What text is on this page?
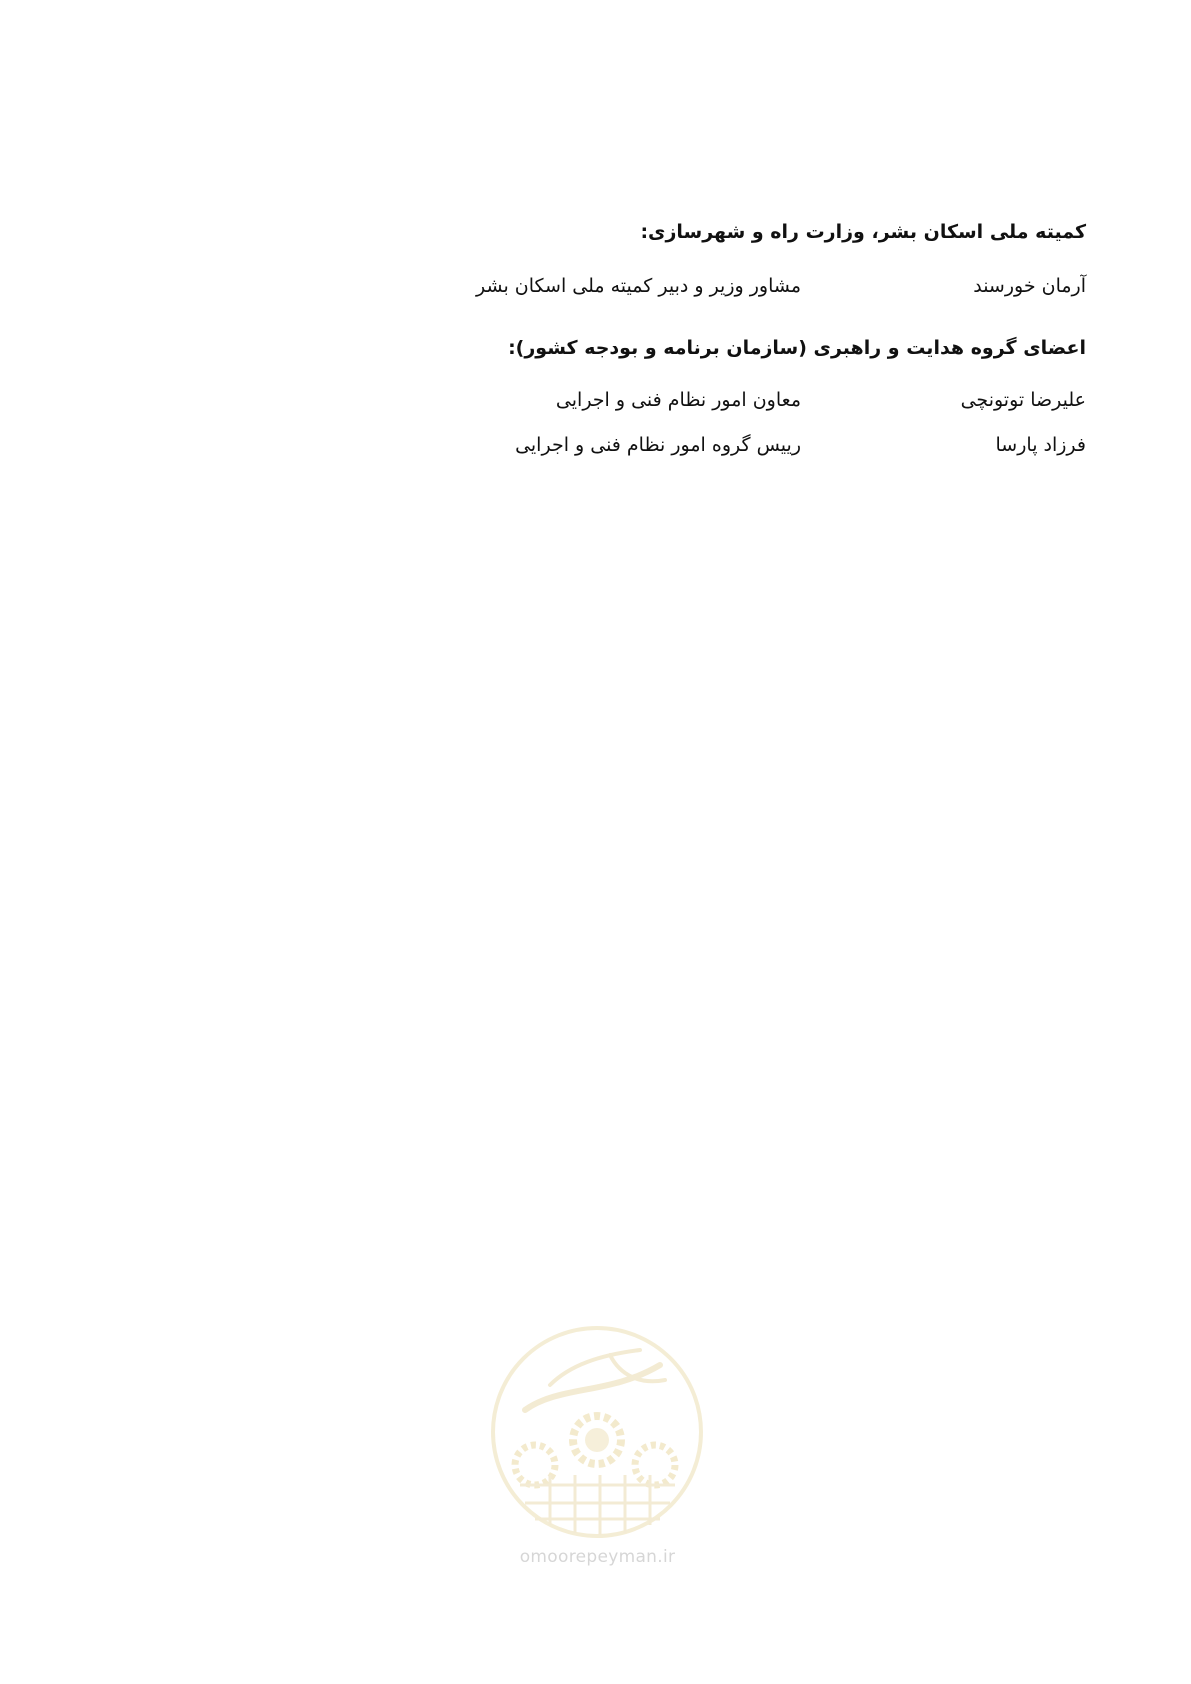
کمیته ملی اسکان بشر، وزارت راه و شهرسازی:
آرمان خورسند
مشاور وزیر و دبیر کمیته ملی اسکان بشر
اعضای گروه هدایت و راهبری (سازمان برنامه و بودجه کشور):
علیرضا توتونچی
معاون امور نظام فنی و اجرایی
فرزاد پارسا
رییس گروه امور نظام فنی و اجرایی
omoorepeyman.ir
